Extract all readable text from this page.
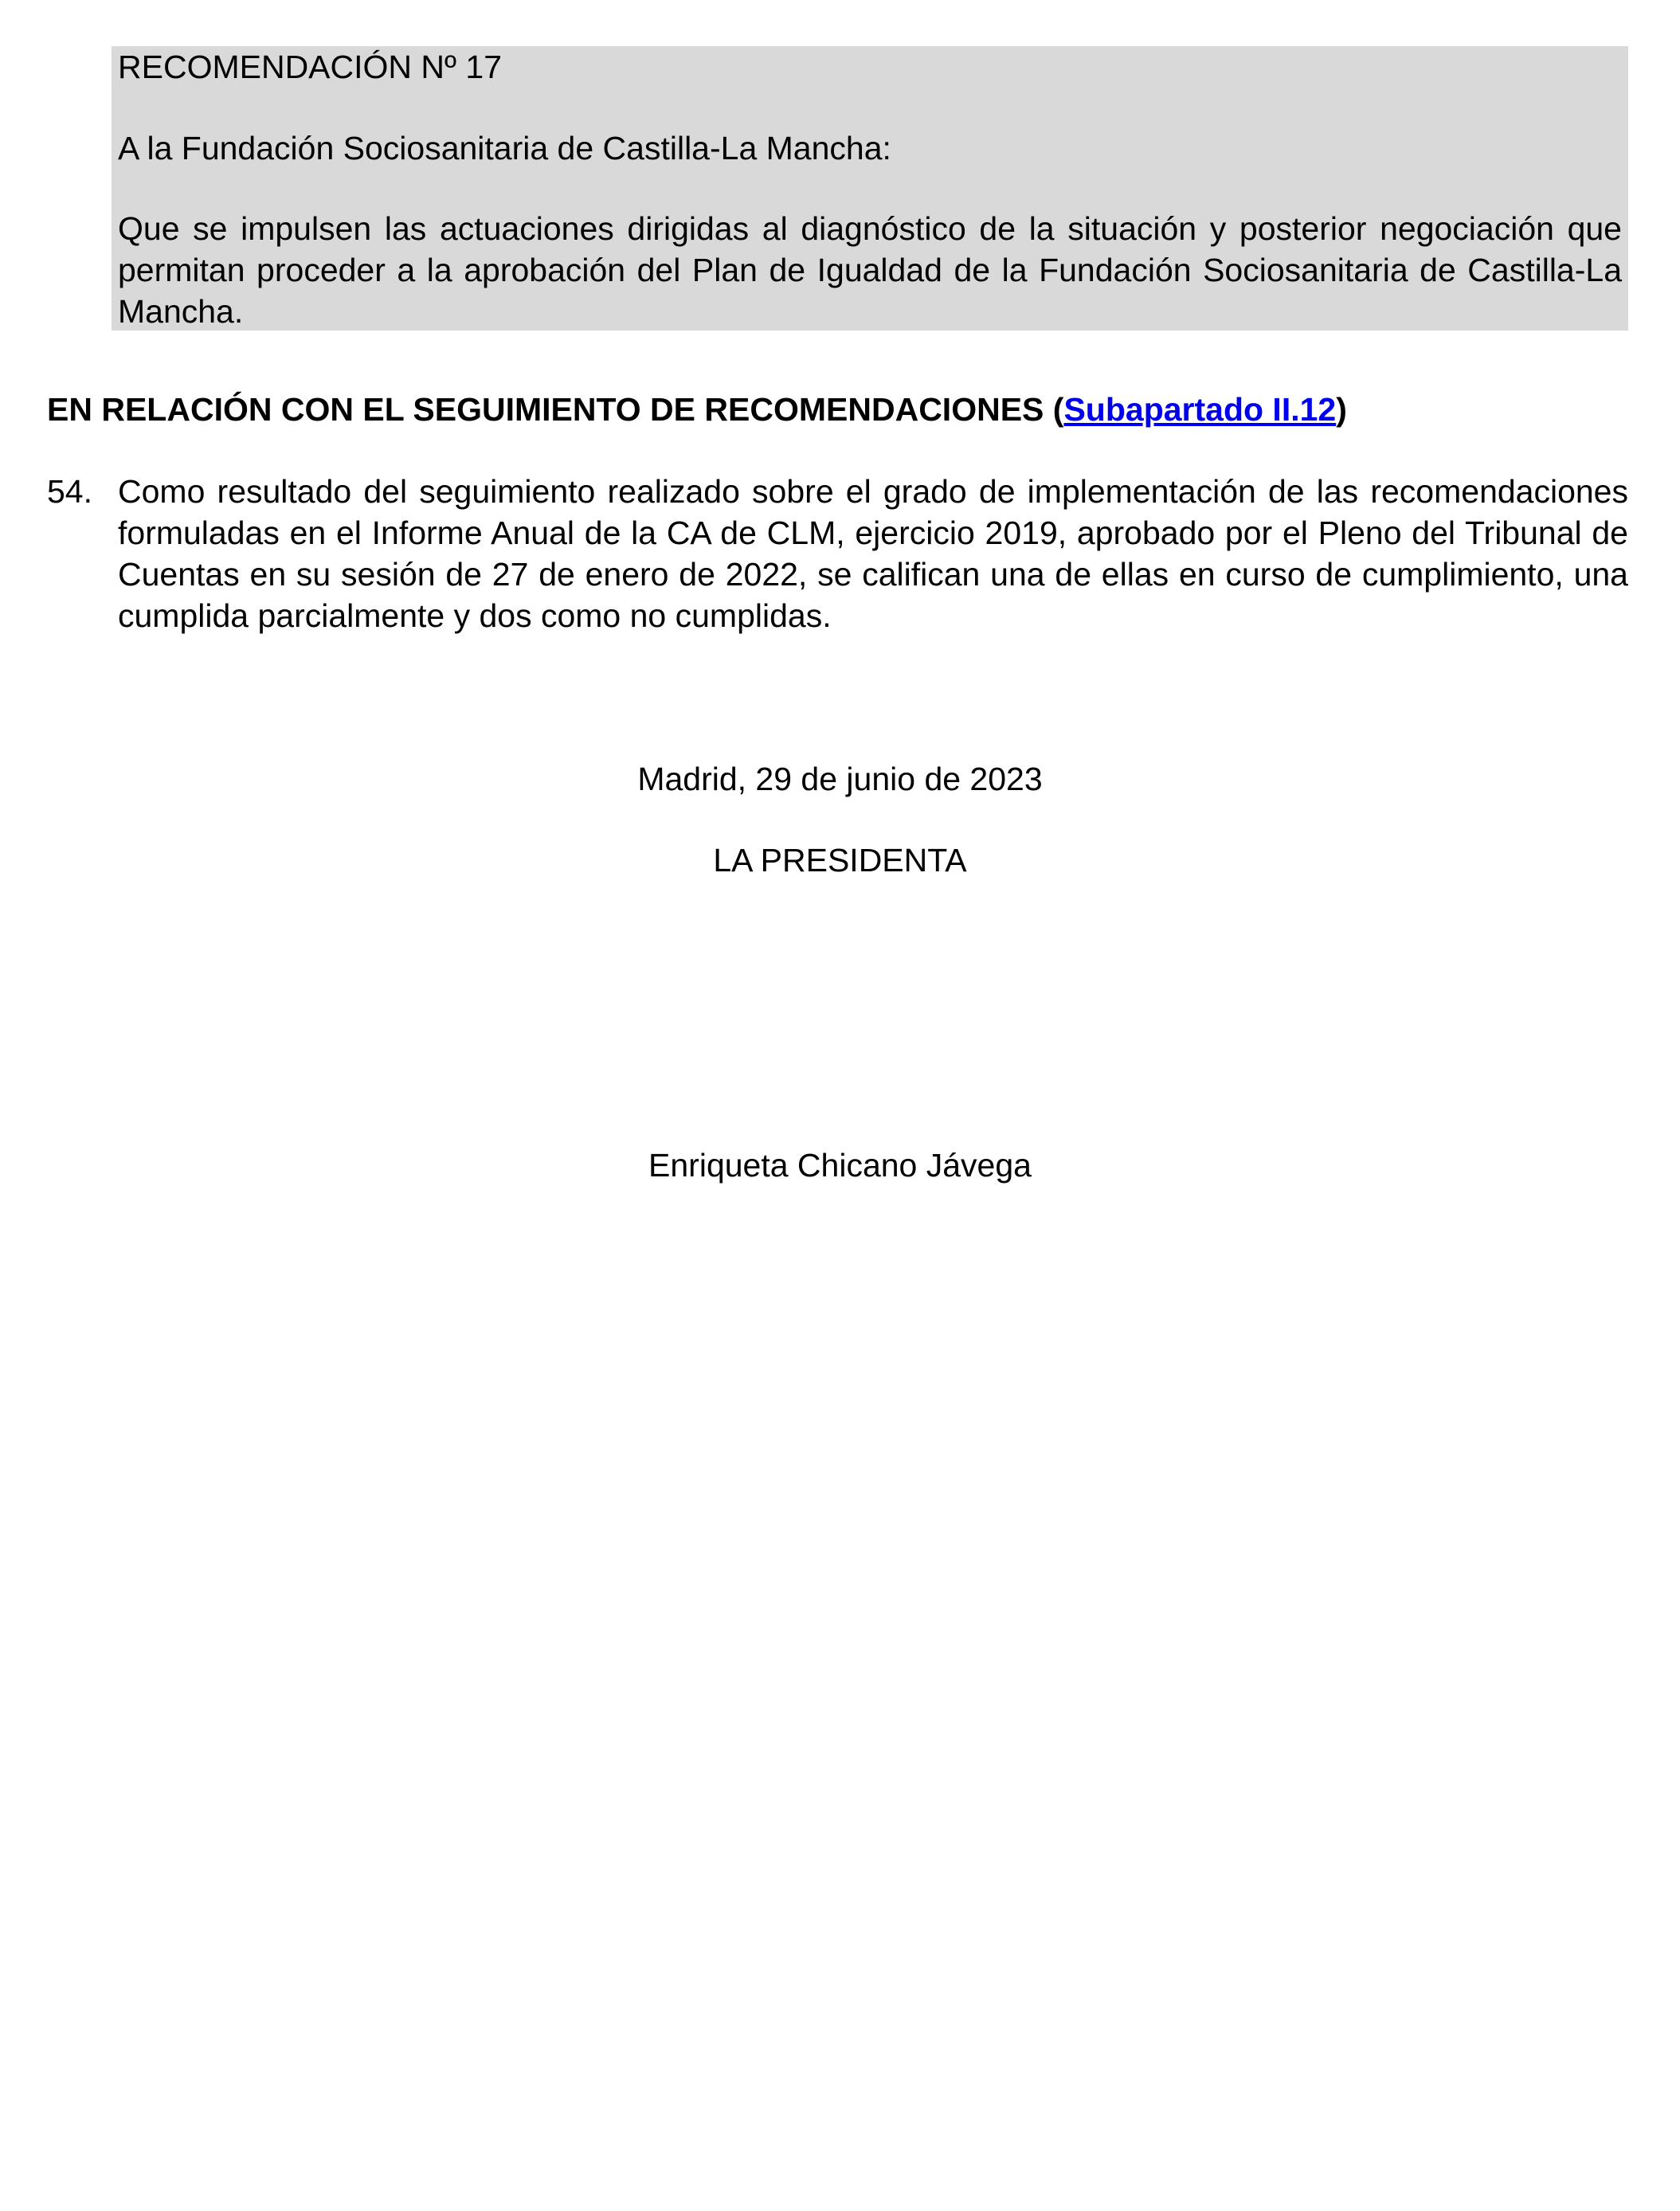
RECOMENDACIÓN Nº 17

A la Fundación Sociosanitaria de Castilla-La Mancha:

Que se impulsen las actuaciones dirigidas al diagnóstico de la situación y posterior negociación que permitan proceder a la aprobación del Plan de Igualdad de la Fundación Sociosanitaria de Castilla-La Mancha.

EN RELACIÓN CON EL SEGUIMIENTO DE RECOMENDACIONES (Subapartado II.12)

54. Como resultado del seguimiento realizado sobre el grado de implementación de las recomendaciones formuladas en el Informe Anual de la CA de CLM, ejercicio 2019, aprobado por el Pleno del Tribunal de Cuentas en su sesión de 27 de enero de 2022, se califican una de ellas en curso de cumplimiento, una cumplida parcialmente y dos como no cumplidas.

Madrid, 29 de junio de 2023

LA PRESIDENTA

Enriqueta Chicano Jávega
